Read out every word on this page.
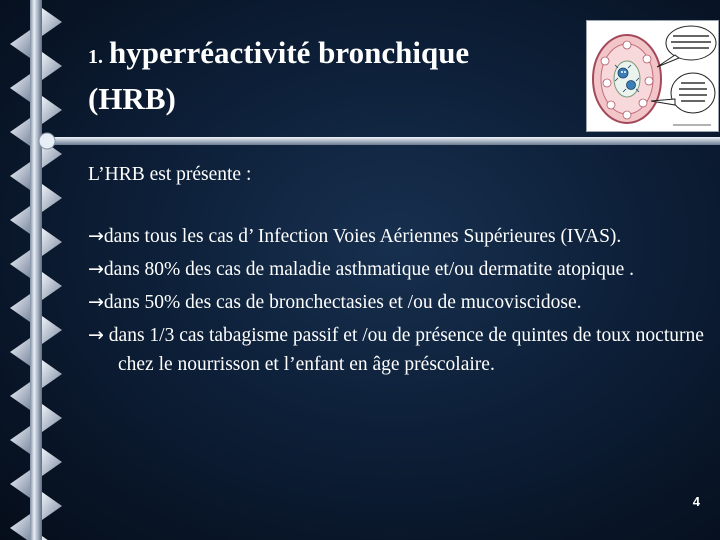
1. hyperréactivité bronchique
(HRB)

L’HRB est présente :

→dans tous les cas d’ Infection Voies Aériennes Supérieures (IVAS).

→dans 80% des cas de maladie asthmatique et/ou dermatite atopique .

→dans 50% des cas de bronchectasies et /ou de mucoviscidose.

→ dans 1/3 cas tabagisme passif et /ou de présence de quintes de toux nocturne chez le nourrisson et l’enfant en âge préscolaire.

4
